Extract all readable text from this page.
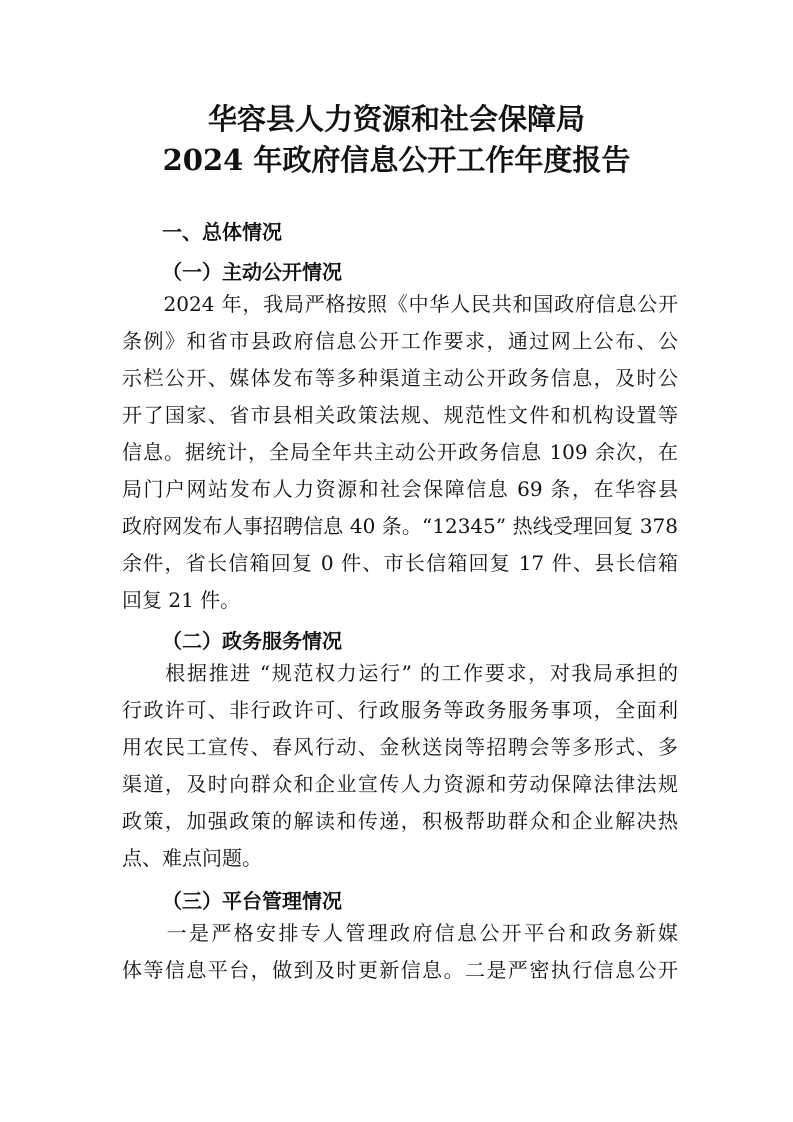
华容县人力资源和社会保障局
2024 年政府信息公开工作年度报告
一、总体情况
（一）主动公开情况
　　2024 年，我局严格按照《中华人民共和国政府信息公开
条例》和省市县政府信息公开工作要求，通过网上公布、公
示栏公开、媒体发布等多种渠道主动公开政务信息，及时公
开了国家、省市县相关政策法规、规范性文件和机构设置等
信息。据统计，全局全年共主动公开政务信息 109 余次，在
局门户网站发布人力资源和社会保障信息 69 条，在华容县
政府网发布人事招聘信息 40 条。“12345” 热线受理回复 378
余件，省长信箱回复 0 件、市长信箱回复 17 件、县长信箱
回复 21 件。
（二）政务服务情况
　　根据推进 “规范权力运行” 的工作要求，对我局承担的
行政许可、非行政许可、行政服务等政务服务事项，全面利
用农民工宣传、春风行动、金秋送岗等招聘会等多形式、多
渠道，及时向群众和企业宣传人力资源和劳动保障法律法规
政策，加强政策的解读和传递，积极帮助群众和企业解决热
点、难点问题。
（三）平台管理情况
　　一是严格安排专人管理政府信息公开平台和政务新媒
体等信息平台，做到及时更新信息。二是严密执行信息公开
